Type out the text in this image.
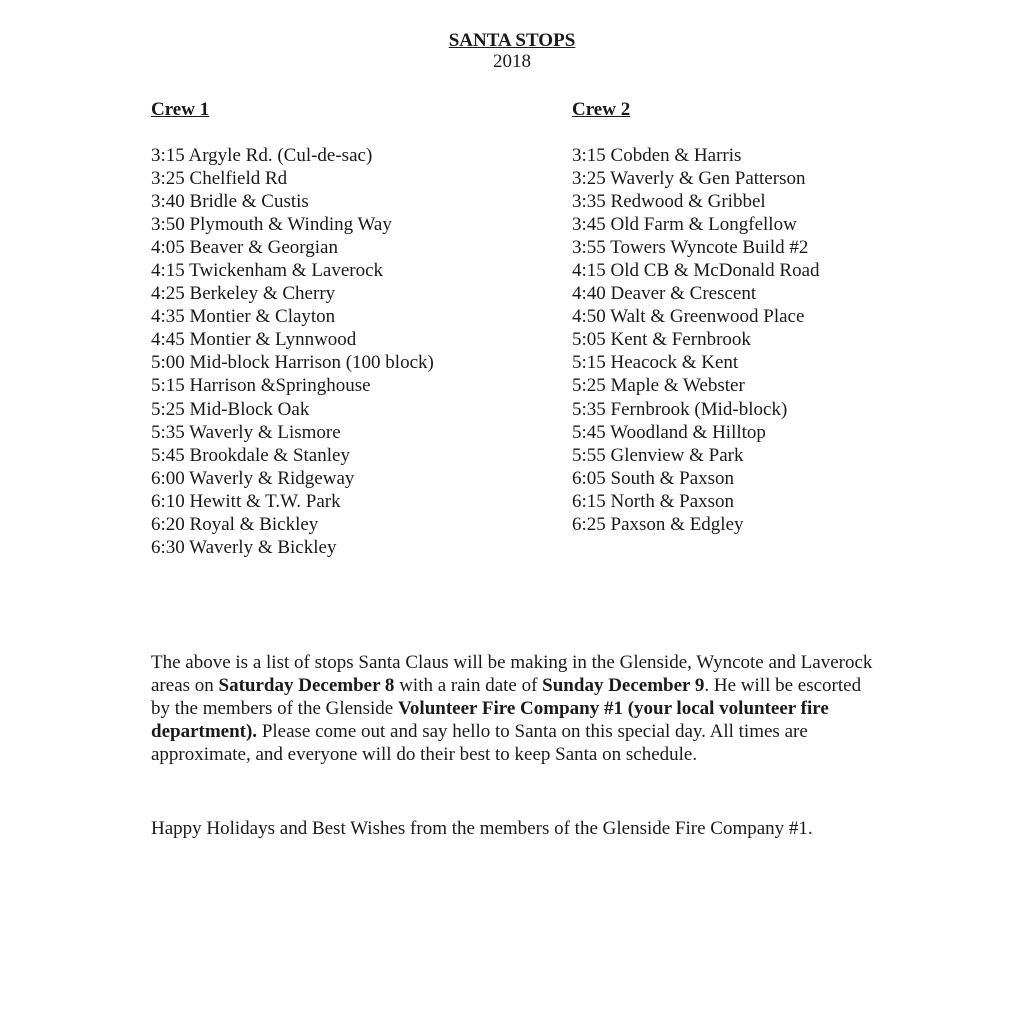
SANTA STOPS
2018
Crew 1
3:15 Argyle Rd. (Cul-de-sac)
3:25 Chelfield Rd
3:40 Bridle & Custis
3:50 Plymouth & Winding Way
4:05 Beaver & Georgian
4:15 Twickenham & Laverock
4:25 Berkeley & Cherry
4:35 Montier & Clayton
4:45 Montier & Lynnwood
5:00 Mid-block Harrison (100 block)
5:15 Harrison &Springhouse
5:25 Mid-Block Oak
5:35 Waverly & Lismore
5:45 Brookdale & Stanley
6:00 Waverly & Ridgeway
6:10 Hewitt & T.W. Park
6:20 Royal & Bickley
6:30 Waverly & Bickley
Crew 2
3:15 Cobden & Harris
3:25 Waverly & Gen Patterson
3:35 Redwood & Gribbel
3:45 Old Farm & Longfellow
3:55 Towers Wyncote Build #2
4:15 Old CB & McDonald Road
4:40 Deaver & Crescent
4:50 Walt & Greenwood Place
5:05 Kent & Fernbrook
5:15 Heacock & Kent
5:25 Maple & Webster
5:35 Fernbrook (Mid-block)
5:45 Woodland & Hilltop
5:55 Glenview & Park
6:05 South & Paxson
6:15 North & Paxson
6:25 Paxson & Edgley

The above is a list of stops Santa Claus will be making in the Glenside, Wyncote and Laverock areas on Saturday December 8 with a rain date of Sunday December 9. He will be escorted by the members of the Glenside Volunteer Fire Company #1 (your local volunteer fire department). Please come out and say hello to Santa on this special day. All times are approximate, and everyone will do their best to keep Santa on schedule.

Happy Holidays and Best Wishes from the members of the Glenside Fire Company #1.
